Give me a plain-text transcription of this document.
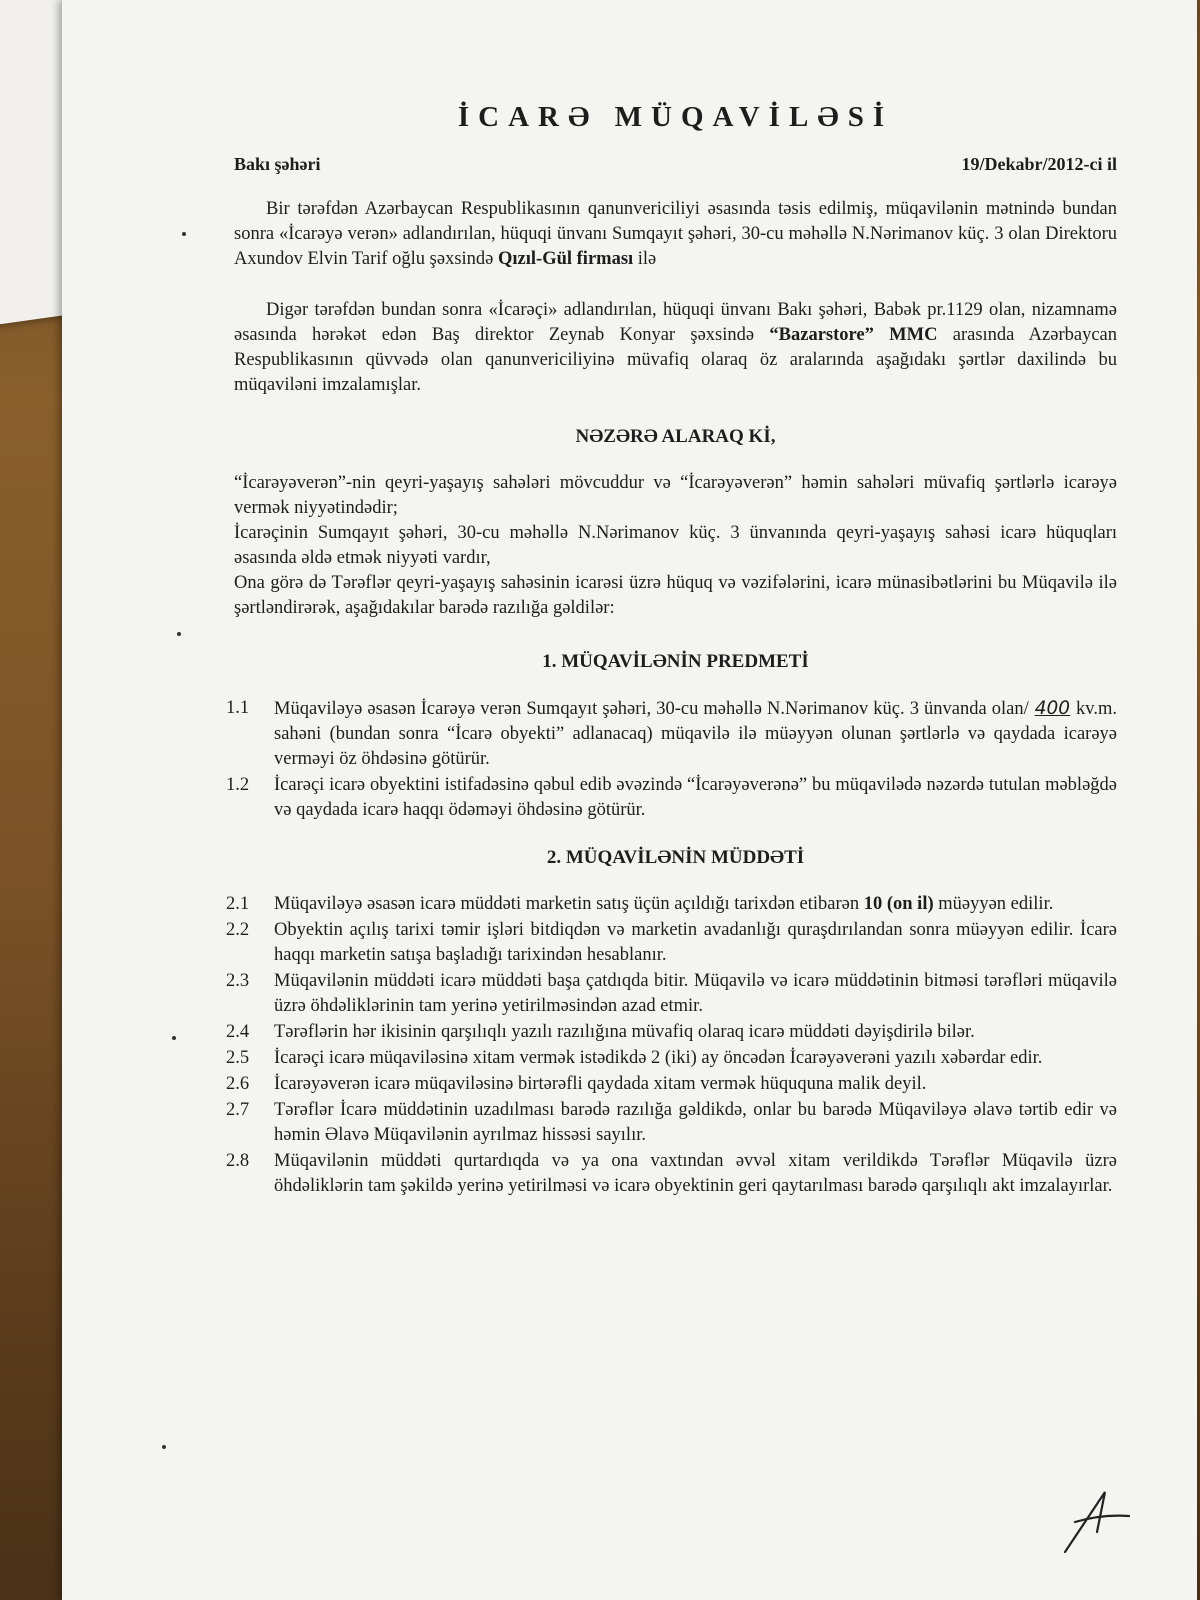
İCARƏ MÜQAVİLƏSİ
Bakı şəhəri	19/Dekabr/2012-ci il

Bir tərəfdən Azərbaycan Respublikasının qanunvericiliyi əsasında təsis edilmiş, müqavilənin mətnində bundan sonra «İcarəyə verən» adlandırılan, hüquqi ünvanı Sumqayıt şəhəri, 30-cu məhəllə N.Nərimanov küç. 3 olan Direktoru Axundov Elvin Tarif oğlu şəxsində Qızıl-Gül firması ilə

Digər tərəfdən bundan sonra «İcarəçi» adlandırılan, hüquqi ünvanı Bakı şəhəri, Babək pr.1129 olan, nizamnamə əsasında hərəkət edən Baş direktor Zeynab Konyar şəxsində “Bazarstore” MMC arasında Azərbaycan Respublikasının qüvvədə olan qanunvericiliyinə müvafiq olaraq öz aralarında aşağıdakı şərtlər daxilində bu müqaviləni imzalamışlar.

NƏZƏRƏ ALARAQ Kİ,

“İcarəyəverən”-nin qeyri-yaşayış sahələri mövcuddur və “İcarəyəverən” həmin sahələri müvafiq şərtlərlə icarəyə vermək niyyətindədir;

İcarəçinin Sumqayıt şəhəri, 30-cu məhəllə N.Nərimanov küç. 3 ünvanında qeyri-yaşayış sahəsi icarə hüquqları əsasında əldə etmək niyyəti vardır,

Ona görə də Tərəflər qeyri-yaşayış sahəsinin icarəsi üzrə hüquq və vəzifələrini, icarə münasibətlərini bu Müqavilə ilə şərtləndirərək, aşağıdakılar barədə razılığa gəldilər:

1. MÜQAVİLƏNİN PREDMETİ
1.1	Müqaviləyə əsasən İcarəyə verən Sumqayıt şəhəri, 30-cu məhəllə N.Nərimanov küç. 3 ünvanda olan/ 400 kv.m. sahəni (bundan sonra “İcarə obyekti” adlanacaq) müqavilə ilə müəyyən olunan şərtlərlə və qaydada icarəyə verməyi öz öhdəsinə götürür.
1.2	İcarəçi icarə obyektini istifadəsinə qəbul edib əvəzində “İcarəyəverənə” bu müqavilədə nəzərdə tutulan məbləğdə və qaydada icarə haqqı ödəməyi öhdəsinə götürür.
2. MÜQAVİLƏNİN MÜDDƏTİ
2.1	Müqaviləyə əsasən icarə müddəti marketin satış üçün açıldığı tarixdən etibarən 10 (on il) müəyyən edilir.
2.2	Obyektin açılış tarixi təmir işləri bitdiqdən və marketin avadanlığı quraşdırılandan sonra müəyyən edilir. İcarə haqqı marketin satışa başladığı tarixindən hesablanır.
2.3	Müqavilənin müddəti icarə müddəti başa çatdıqda bitir. Müqavilə və icarə müddətinin bitməsi tərəfləri müqavilə üzrə öhdəliklərinin tam yerinə yetirilməsindən azad etmir.
2.4	Tərəflərin hər ikisinin qarşılıqlı yazılı razılığına müvafiq olaraq icarə müddəti dəyişdirilə bilər.
2.5	İcarəçi icarə müqaviləsinə xitam vermək istədikdə 2 (iki) ay öncədən İcarəyəverəni yazılı xəbərdar edir.
2.6	İcarəyəverən icarə müqaviləsinə birtərəfli qaydada xitam vermək hüququna malik deyil.
2.7	Tərəflər İcarə müddətinin uzadılması barədə razılığa gəldikdə, onlar bu barədə Müqaviləyə əlavə tərtib edir və həmin Əlavə Müqavilənin ayrılmaz hissəsi sayılır.
2.8	Müqavilənin müddəti qurtardıqda və ya ona vaxtından əvvəl xitam verildikdə Tərəflər Müqavilə üzrə öhdəliklərin tam şəkildə yerinə yetirilməsi və icarə obyektinin geri qaytarılması barədə qarşılıqlı akt imzalayırlar.
